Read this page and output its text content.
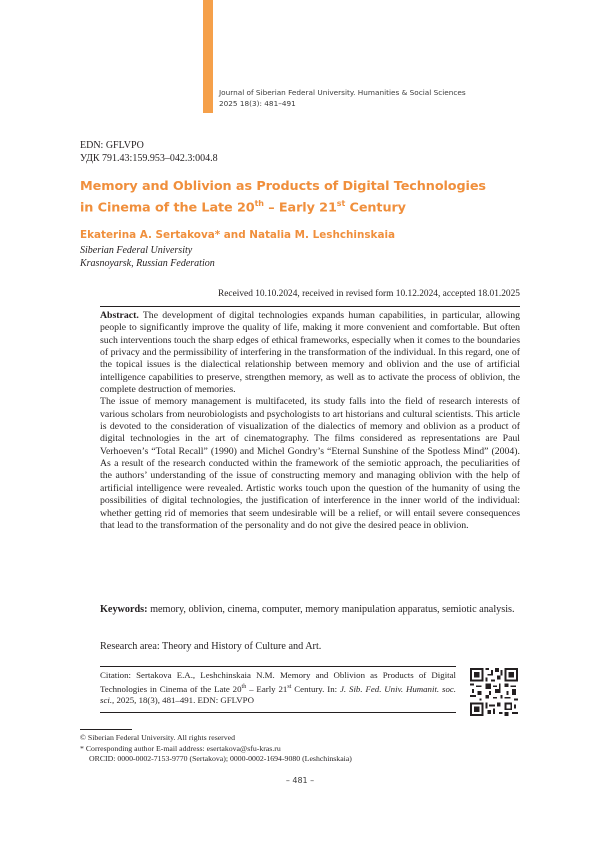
Journal of Siberian Federal University. Humanities & Social Sciences
2025 18(3): 481–491
EDN: GFLVPO
УДК 791.43:159.953–042.3:004.8
Memory and Oblivion as Products of Digital Technologies
in Cinema of the Late 20th – Early 21st Century
Ekaterina A. Sertakova* and Natalia M. Leshchinskaia
Siberian Federal University
Krasnoyarsk, Russian Federation
Received 10.10.2024, received in revised form 10.12.2024, accepted 18.01.2025

Abstract. The development of digital technologies expands human capabilities, in particular, allowing people to significantly improve the quality of life, making it more convenient and comfortable. But often such interventions touch the sharp edges of ethical frameworks, especially when it comes to the boundaries of privacy and the permissibility of interfering in the transformation of the individual. In this regard, one of the topical issues is the dialectical relationship between memory and oblivion and the use of artificial intelligence capabilities to preserve, strengthen memory, as well as to activate the process of oblivion, the complete destruction of memories.

The issue of memory management is multifaceted, its study falls into the field of research interests of various scholars from neurobiologists and psychologists to art historians and cultural scientists. This article is devoted to the consideration of visualization of the dialectics of memory and oblivion as a product of digital technologies in the art of cinematography. The films considered as representations are Paul Verhoeven’s “Total Recall” (1990) and Michel Gondry’s “Eternal Sunshine of the Spotless Mind” (2004). As a result of the research conducted within the framework of the semiotic approach, the peculiarities of the authors’ understanding of the issue of constructing memory and managing oblivion with the help of artificial intelligence were revealed. Artistic works touch upon the question of the humanity of using the possibilities of digital technologies, the justification of interference in the inner world of the individual: whether getting rid of memories that seem undesirable will be a relief, or will entail severe consequences that lead to the transformation of the personality and do not give the desired peace in oblivion.

Keywords: memory, oblivion, cinema, computer, memory manipulation apparatus, semiotic analysis.
Research area: Theory and History of Culture and Art.
Citation: Sertakova E.A., Leshchinskaia N.M. Memory and Oblivion as Products of Digital Technologies in Cinema of the Late 20th – Early 21st Century. In: J. Sib. Fed. Univ. Humanit. soc. sci., 2025, 18(3), 481–491. EDN: GFLVPO
© Siberian Federal University. All rights reserved
* Corresponding author E-mail address: esertakova@sfu-kras.ru
ORCID: 0000-0002-7153-9770 (Sertakova); 0000-0002-1694-9080 (Leshchinskaia)
– 481 –
